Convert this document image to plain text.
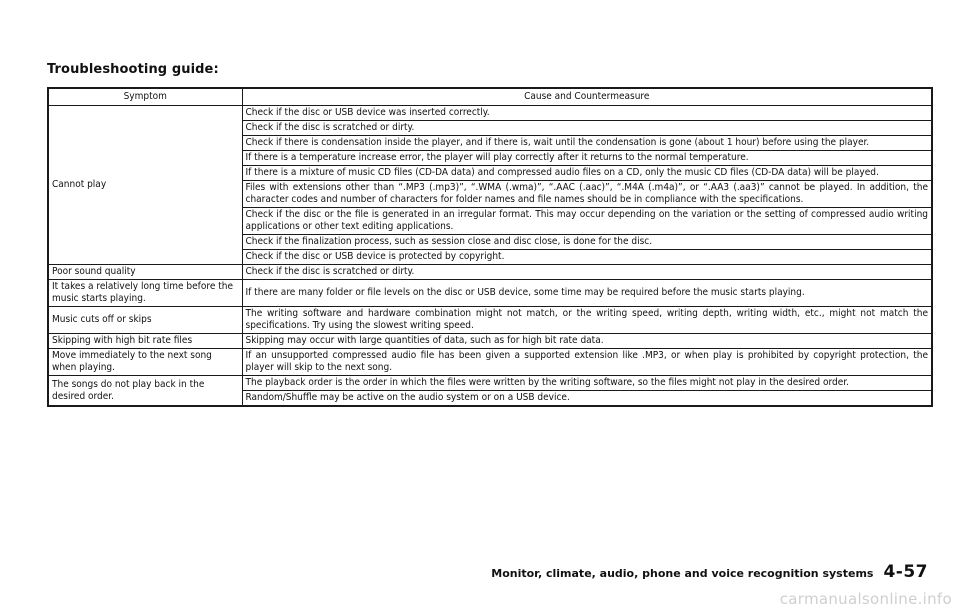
Troubleshooting guide:
Symptom	Cause and Countermeasure
Cannot play	Check if the disc or USB device was inserted correctly.
	Check if the disc is scratched or dirty.
	Check if there is condensation inside the player, and if there is, wait until the condensation is gone (about 1 hour) before using the player.
	If there is a temperature increase error, the player will play correctly after it returns to the normal temperature.
	If there is a mixture of music CD files (CD-DA data) and compressed audio files on a CD, only the music CD files (CD-DA data) will be played.
	Files with extensions other than “.MP3 (.mp3)”, “.WMA (.wma)”, “.AAC (.aac)”, “.M4A (.m4a)”, or “.AA3 (.aa3)” cannot be played. In addition, the character codes and number of characters for folder names and file names should be in compliance with the specifications.
	Check if the disc or the file is generated in an irregular format. This may occur depending on the variation or the setting of compressed audio writing applications or other text editing applications.
	Check if the finalization process, such as session close and disc close, is done for the disc.
	Check if the disc or USB device is protected by copyright.
Poor sound quality	Check if the disc is scratched or dirty.
It takes a relatively long time before the music starts playing.	If there are many folder or file levels on the disc or USB device, some time may be required before the music starts playing.
Music cuts off or skips	The writing software and hardware combination might not match, or the writing speed, writing depth, writing width, etc., might not match the specifications. Try using the slowest writing speed.
Skipping with high bit rate files	Skipping may occur with large quantities of data, such as for high bit rate data.
Move immediately to the next song when playing.	If an unsupported compressed audio file has been given a supported extension like .MP3, or when play is prohibited by copyright protection, the player will skip to the next song.
The songs do not play back in the desired order.	The playback order is the order in which the files were written by the writing software, so the files might not play in the desired order.
	Random/Shuffle may be active on the audio system or on a USB device.
Monitor, climate, audio, phone and voice recognition systems 4-57
carmanualsonline.info
